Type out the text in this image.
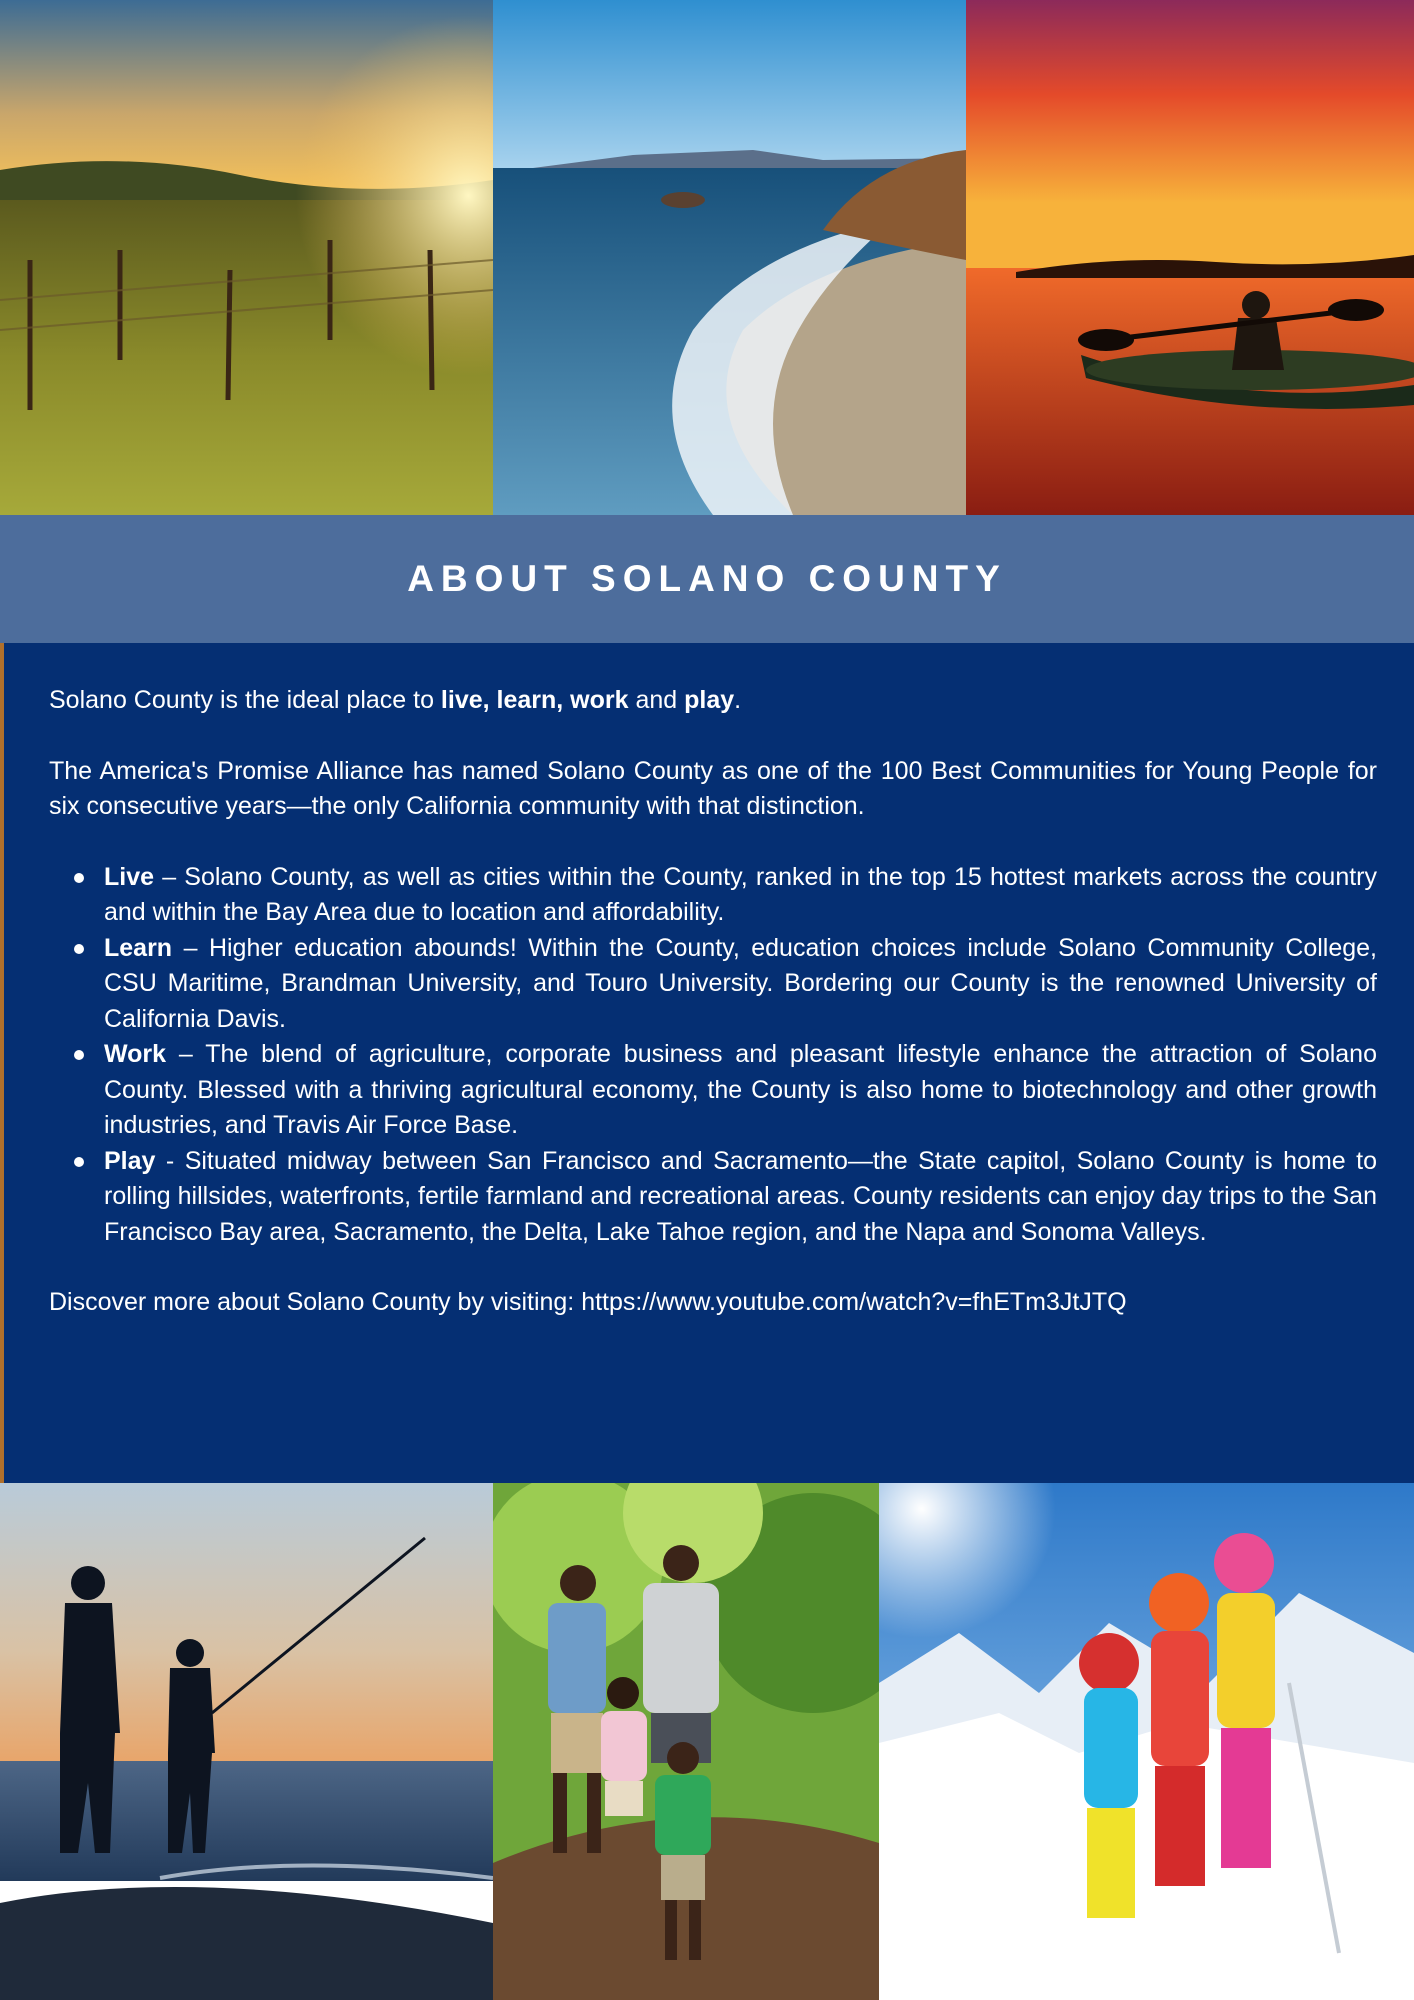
ABOUT SOLANO COUNTY

Solano County is the ideal place to live, learn, work and play.

The America's Promise Alliance has named Solano County as one of the 100 Best Communities for Young People for six consecutive years—the only California community with that distinction.

Live – Solano County, as well as cities within the County, ranked in the top 15 hottest markets across the country and within the Bay Area due to location and affordability.
Learn – Higher education abounds! Within the County, education choices include Solano Community College, CSU Maritime, Brandman University, and Touro University. Bordering our County is the renowned University of California Davis.
Work – The blend of agriculture, corporate business and pleasant lifestyle enhance the attraction of Solano County. Blessed with a thriving agricultural economy, the County is also home to biotechnology and other growth industries, and Travis Air Force Base.
Play - Situated midway between San Francisco and Sacramento—the State capitol, Solano County is home to rolling hillsides, waterfronts, fertile farmland and recreational areas. County residents can enjoy day trips to the San Francisco Bay area, Sacramento, the Delta, Lake Tahoe region, and the Napa and Sonoma Valleys.

Discover more about Solano County by visiting: https://www.youtube.com/watch?v=fhETm3JtJTQ
